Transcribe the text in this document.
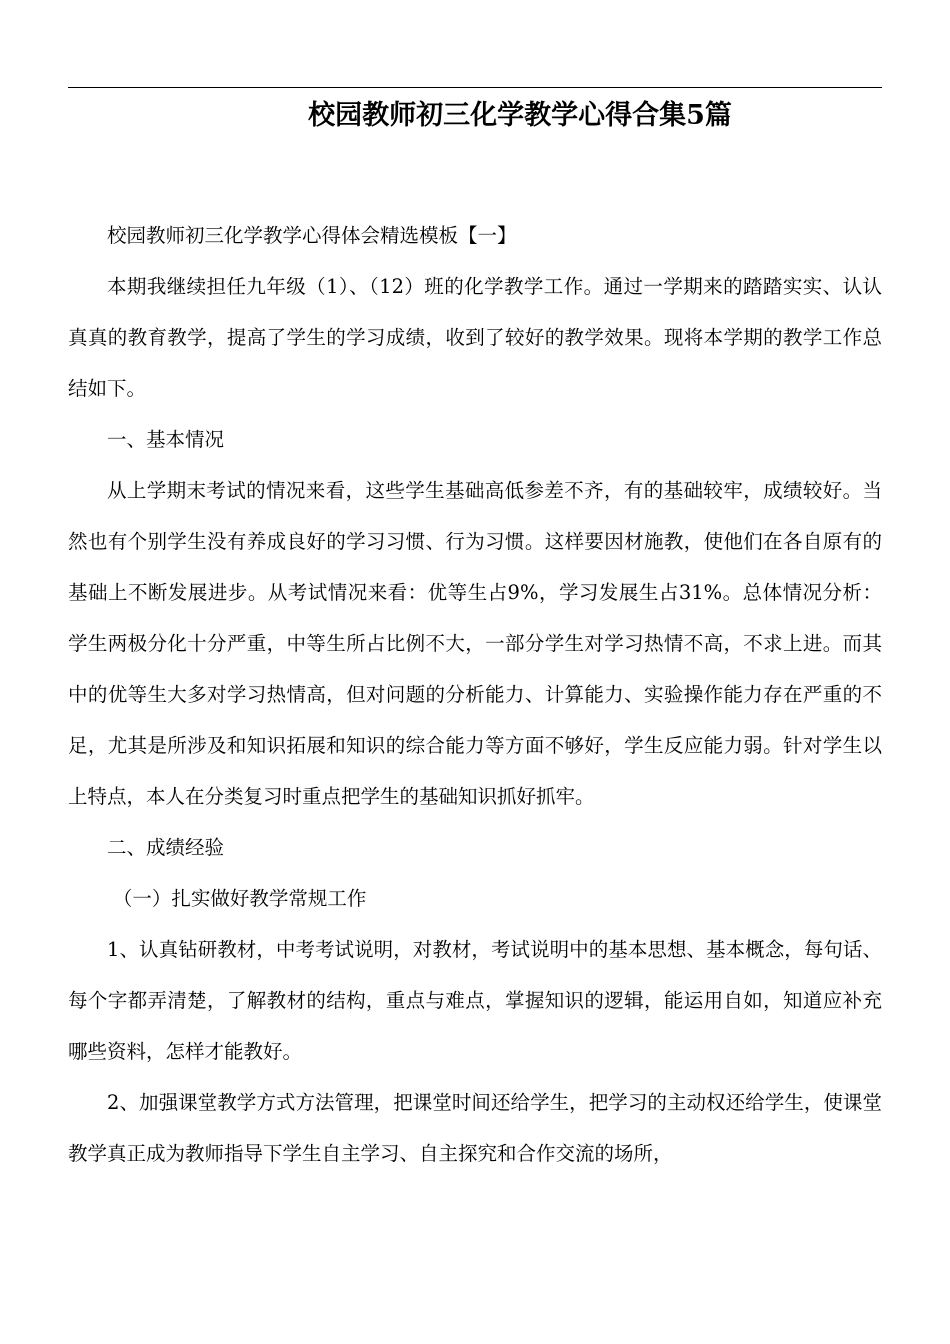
校园教师初三化学教学心得合集5篇

校园教师初三化学教学心得体会精选模板【一】

本期我继续担任九年级（1）、（12）班的化学教学工作。通过一学期来的踏踏实实、认认真真的教育教学，提高了学生的学习成绩，收到了较好的教学效果。现将本学期的教学工作总结如下。

一、基本情况

从上学期末考试的情况来看，这些学生基础高低参差不齐，有的基础较牢，成绩较好。当然也有个别学生没有养成良好的学习习惯、行为习惯。这样要因材施教，使他们在各自原有的基础上不断发展进步。从考试情况来看：优等生占9%，学习发展生占31%。总体情况分析：学生两极分化十分严重，中等生所占比例不大，一部分学生对学习热情不高，不求上进。而其中的优等生大多对学习热情高，但对问题的分析能力、计算能力、实验操作能力存在严重的不足，尤其是所涉及和知识拓展和知识的综合能力等方面不够好，学生反应能力弱。针对学生以上特点，本人在分类复习时重点把学生的基础知识抓好抓牢。

二、成绩经验

（一）扎实做好教学常规工作

1、认真钻研教材，中考考试说明，对教材，考试说明中的基本思想、基本概念，每句话、每个字都弄清楚，了解教材的结构，重点与难点，掌握知识的逻辑，能运用自如，知道应补充哪些资料，怎样才能教好。

2、加强课堂教学方式方法管理，把课堂时间还给学生，把学习的主动权还给学生，使课堂教学真正成为教师指导下学生自主学习、自主探究和合作交流的场所，
